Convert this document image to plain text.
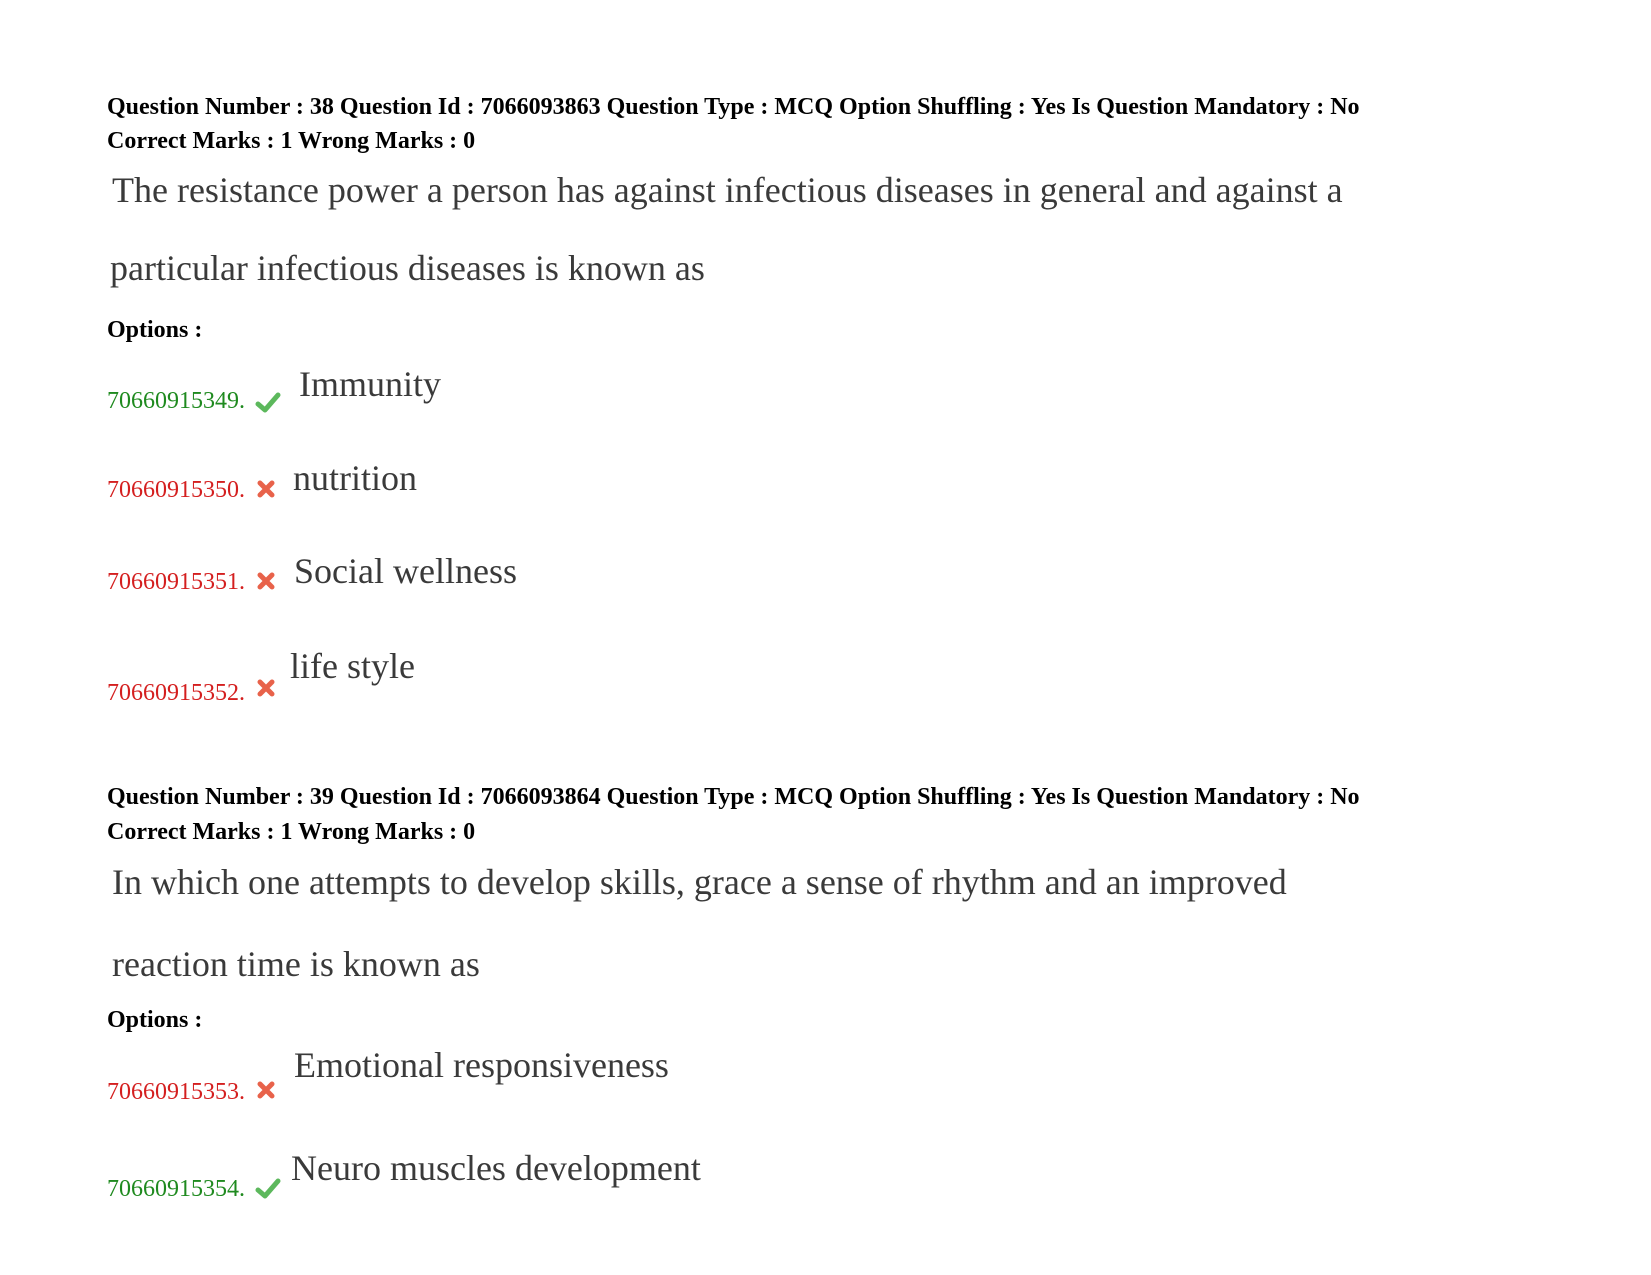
Question Number : 38 Question Id : 7066093863 Question Type : MCQ Option Shuffling : Yes Is Question Mandatory : No
Correct Marks : 1 Wrong Marks : 0
The resistance power a person has against infectious diseases in general and against a
particular infectious diseases is known as
Options :
70660915349. Immunity
70660915350. nutrition
70660915351. Social wellness
70660915352.
life style
Question Number : 39 Question Id : 7066093864 Question Type : MCQ Option Shuffling : Yes Is Question Mandatory : No
Correct Marks : 1 Wrong Marks : 0
In which one attempts to develop skills, grace a sense of rhythm and an improved
reaction time is known as
Options :
70660915353.
Emotional responsiveness
70660915354.
Neuro muscles development
